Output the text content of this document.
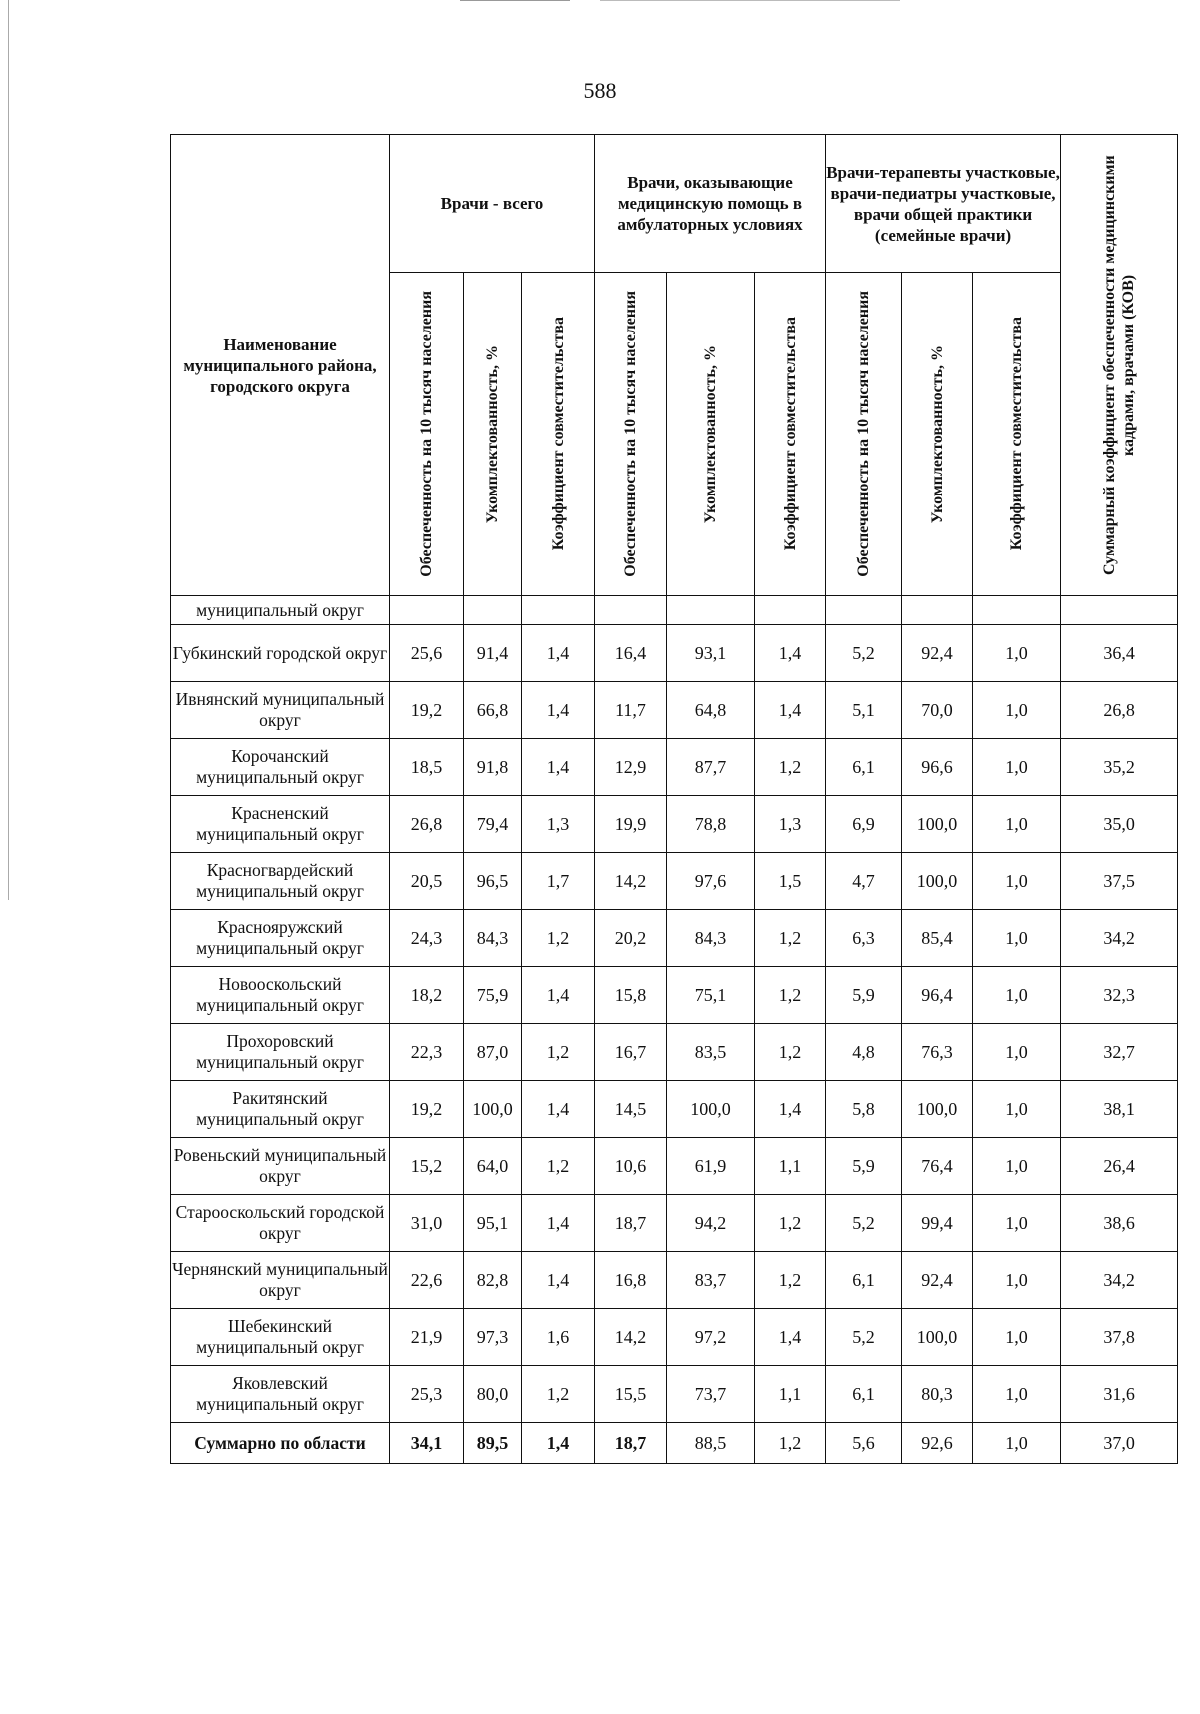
588
Наименование муниципального района, городского округа	Врачи - всего			Врачи, оказывающие медицинскую помощь в амбулаторных условиях			Врачи-терапевты участковые, врачи-педиатры участковые, врачи общей практики (семейные врачи)			Суммарный коэффициент обеспеченности медицинскими кадрами, врачами (КОВ)

	Обеспеченность на 10 тысяч населения	Укомплектованность, %	Коэффициент совместительства	Обеспеченность на 10 тысяч населения	Укомплектованность, %	Коэффициент совместительства	Обеспеченность на 10 тысяч населения	Укомплектованность, %	Коэффициент совместительства	

муниципальный округ										
Губкинский городской округ	25,6	91,4	1,4	16,4	93,1	1,4	5,2	92,4	1,0	36,4
Ивнянский муниципальный округ	19,2	66,8	1,4	11,7	64,8	1,4	5,1	70,0	1,0	26,8
Корочанский муниципальный округ	18,5	91,8	1,4	12,9	87,7	1,2	6,1	96,6	1,0	35,2
Красненский муниципальный округ	26,8	79,4	1,3	19,9	78,8	1,3	6,9	100,0	1,0	35,0
Красногвардейский муниципальный округ	20,5	96,5	1,7	14,2	97,6	1,5	4,7	100,0	1,0	37,5
Краснояружский муниципальный округ	24,3	84,3	1,2	20,2	84,3	1,2	6,3	85,4	1,0	34,2
Новооскольский муниципальный округ	18,2	75,9	1,4	15,8	75,1	1,2	5,9	96,4	1,0	32,3
Прохоровский муниципальный округ	22,3	87,0	1,2	16,7	83,5	1,2	4,8	76,3	1,0	32,7
Ракитянский муниципальный округ	19,2	100,0	1,4	14,5	100,0	1,4	5,8	100,0	1,0	38,1
Ровеньский муниципальный округ	15,2	64,0	1,2	10,6	61,9	1,1	5,9	76,4	1,0	26,4
Старооскольский городской округ	31,0	95,1	1,4	18,7	94,2	1,2	5,2	99,4	1,0	38,6
Чернянский муниципальный округ	22,6	82,8	1,4	16,8	83,7	1,2	6,1	92,4	1,0	34,2
Шебекинский муниципальный округ	21,9	97,3	1,6	14,2	97,2	1,4	5,2	100,0	1,0	37,8
Яковлевский муниципальный округ	25,3	80,0	1,2	15,5	73,7	1,1	6,1	80,3	1,0	31,6
Суммарно по области	34,1	89,5	1,4	18,7	88,5	1,2	5,6	92,6	1,0	37,0
